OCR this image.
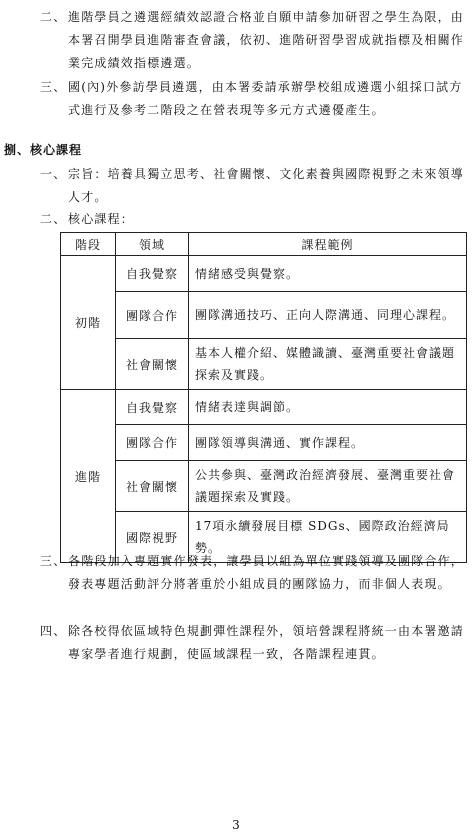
二、 進階學員之遴選經績效認證合格並自願申請參加研習之學生為限，由本署召開學員進階審查會議，依初、進階研習學習成就指標及相關作業完成績效指標遴選。
三、 國(內)外參訪學員遴選，由本署委請承辦學校組成遴選小組採口試方式進行及參考二階段之在營表現等多元方式遴優產生。
捌、核心課程
一、 宗旨：培養具獨立思考、社會關懷、文化素養與國際視野之未來領導人才。
二、 核心課程：
階段	領域	課程範例
初階	自我覺察	情緒感受與覺察。
	團隊合作	團隊溝通技巧、正向人際溝通、同理心課程。
	社會關懷	基本人權介紹、媒體識讀、臺灣重要社會議題探索及實踐。
進階	自我覺察	情緒表達與調節。
	團隊合作	團隊領導與溝通、實作課程。
	社會關懷	公共參與、臺灣政治經濟發展、臺灣重要社會議題探索及實踐。
	國際視野	17項永續發展目標 SDGs、國際政治經濟局勢。
三、 各階段加入專題實作發表，讓學員以組為單位實踐領導及團隊合作，發表專題活動評分將著重於小組成員的團隊協力，而非個人表現。
四、 除各校得依區域特色規劃彈性課程外，領培營課程將統一由本署邀請專家學者進行規劃，使區域課程一致，各階課程連貫。
3
